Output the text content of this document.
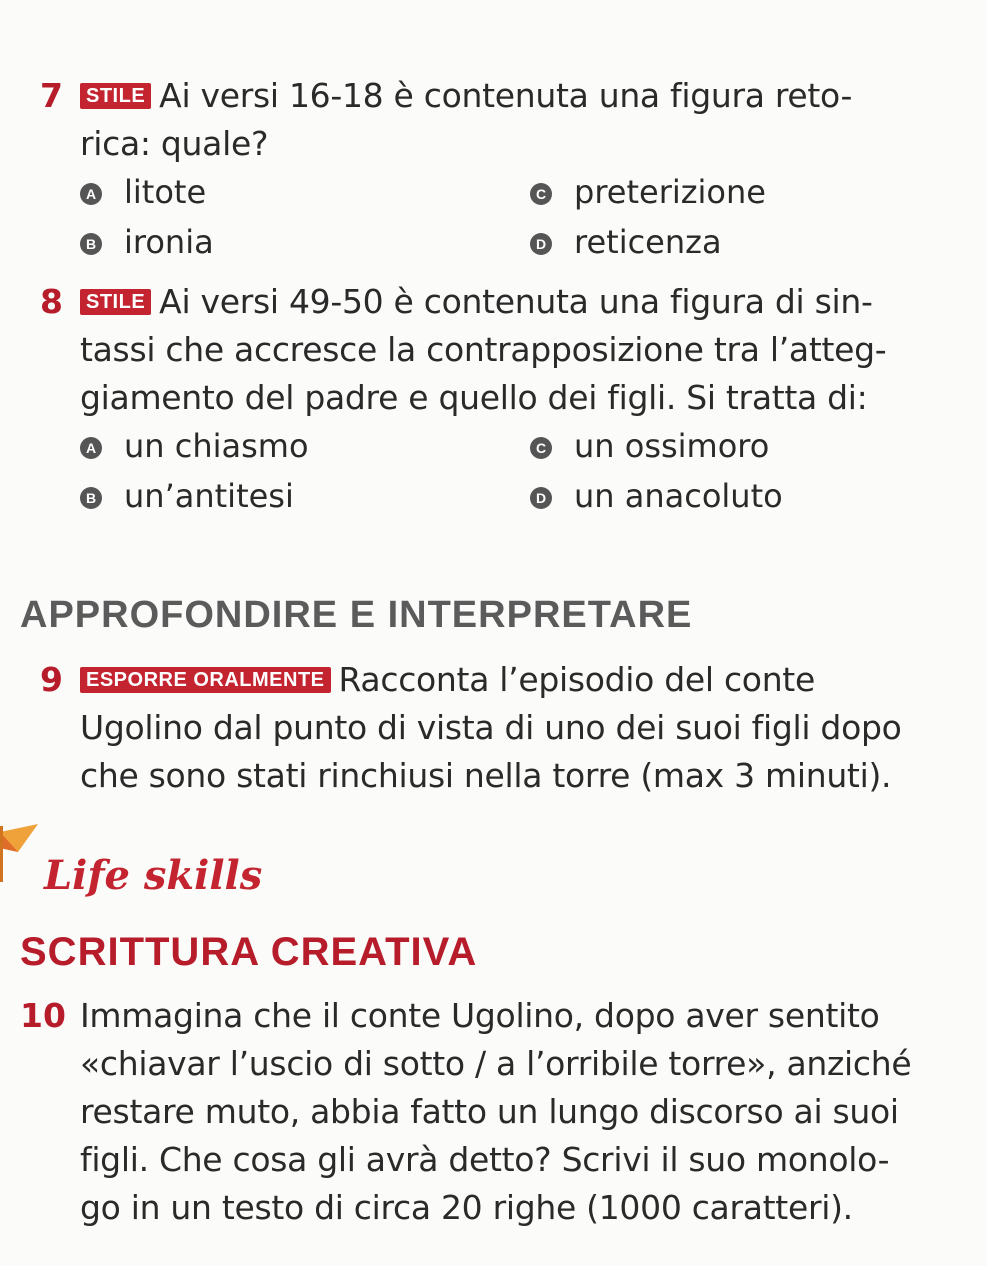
7	STILE Ai versi 16-18 è contenuta una figura reto-
rica: quale?
A litote
B ironia
C preterizione
D reticenza
8	STILE Ai versi 49-50 è contenuta una figura di sin-
tassi che accresce la contrapposizione tra l’atteg-
giamento del padre e quello dei figli. Si tratta di:
A un chiasmo
B un’antitesi
C un ossimoro
D un anacoluto
APPROFONDIRE E INTERPRETARE
9	ESPORRE ORALMENTE Racconta l’episodio del conte
Ugolino dal punto di vista di uno dei suoi figli dopo
che sono stati rinchiusi nella torre (max 3 minuti).
Life skills
SCRITTURA CREATIVA
10 Immagina che il conte Ugolino, dopo aver sentito
«chiavar l’uscio di sotto / a l’orribile torre», anziché
restare muto, abbia fatto un lungo discorso ai suoi
figli. Che cosa gli avrà detto? Scrivi il suo monolo-
go in un testo di circa 20 righe (1000 caratteri).
